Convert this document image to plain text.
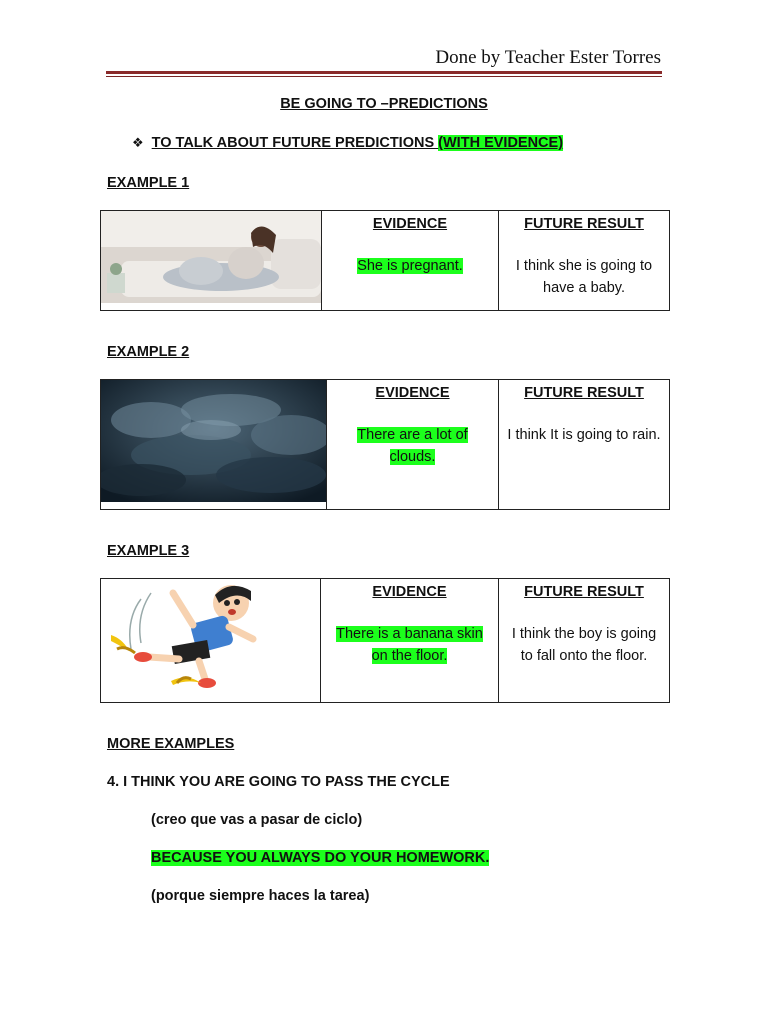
Done by Teacher Ester Torres
BE GOING TO –PREDICTIONS
❖ TO TALK ABOUT FUTURE PREDICTIONS (WITH EVIDENCE)
EXAMPLE 1

EVIDENCE
She is pregnant.

FUTURE RESULT
I think she is going to have a baby.
EXAMPLE 2

EVIDENCE
There are a lot of clouds.

FUTURE RESULT
I think It is going to rain.
EXAMPLE 3

EVIDENCE
There is a banana skin on the floor.

FUTURE RESULT
I think the boy is going to fall onto the floor.
MORE EXAMPLES
4. I THINK YOU ARE GOING TO PASS THE CYCLE
(creo que vas a pasar de ciclo)
BECAUSE YOU ALWAYS DO YOUR HOMEWORK.
(porque siempre haces la tarea)
